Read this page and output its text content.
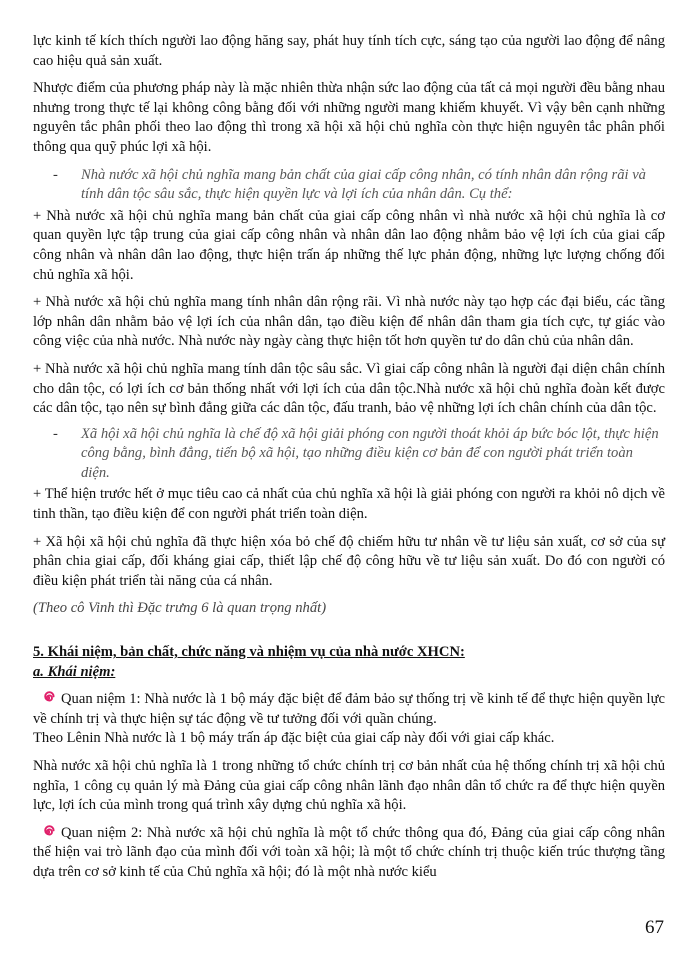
lực kinh tế kích thích người lao động hăng say, phát huy tính tích cực, sáng tạo của người lao động để nâng cao hiệu quả sản xuất.

Nhược điểm của phương pháp này là mặc nhiên thừa nhận sức lao động của tất cả mọi người đều bằng nhau nhưng trong thực tế lại không công bằng đối với những người mang khiếm khuyết. Vì vậy bên cạnh những nguyên tắc phân phối theo lao động thì trong xã hội xã hội chủ nghĩa còn thực hiện nguyên tắc phân phối thông qua quỹ phúc lợi xã hội.

-	Nhà nước xã hội chủ nghĩa mang bản chất của giai cấp công nhân, có tính nhân dân rộng rãi và tính dân tộc sâu sắc, thực hiện quyền lực và lợi ích của nhân dân. Cụ thể:

+ Nhà nước xã hội chủ nghĩa mang bản chất của giai cấp công nhân vì nhà nước xã hội chủ nghĩa là cơ quan quyền lực tập trung của giai cấp công nhân và nhân dân lao động nhằm bảo vệ lợi ích của giai cấp công nhân và nhân dân lao động, thực hiện trấn áp những thế lực phản động, những lực lượng chống đối chủ nghĩa xã hội.

+ Nhà nước xã hội chủ nghĩa mang tính nhân dân rộng rãi. Vì nhà nước này tạo hợp các đại biểu, các tầng lớp nhân dân nhằm bảo vệ lợi ích của nhân dân, tạo điều kiện để nhân dân tham gia tích cực, tự giác vào công việc của nhà nước. Nhà nước này ngày càng thực hiện tốt hơn quyền tư do dân chủ của nhân dân.

+ Nhà nước xã hội chủ nghĩa mang tính dân tộc sâu sắc. Vì giai cấp công nhân là người đại diện chân chính cho dân tộc, có lợi ích cơ bản thống nhất với lợi ích của dân tộc.Nhà nước xã hội chủ nghĩa đoàn kết được các dân tộc, tạo nên sự bình đẳng giữa các dân tộc, đấu tranh, bảo vệ những lợi ích chân chính của dân tộc.

-	Xã hội xã hội chủ nghĩa là chế độ xã hội giải phóng con người thoát khỏi áp bức bóc lột, thực hiện công bằng, bình đẳng, tiến bộ xã hội, tạo những điều kiện cơ bản để con người phát triển toàn diện.

+ Thể hiện trước hết ở mục tiêu cao cả nhất của chủ nghĩa xã hội là giải phóng con người ra khỏi nô dịch về tinh thần, tạo điều kiện để con người phát triển toàn diện.

+ Xã hội xã hội chủ nghĩa đã thực hiện xóa bỏ chế độ chiếm hữu tư nhân về tư liệu sản xuất, cơ sở của sự phân chia giai cấp, đối kháng giai cấp, thiết lập chế độ công hữu về tư liệu sản xuất. Do đó con người có điều kiện phát triển tài năng của cá nhân.

(Theo cô Vinh thì Đặc trưng 6 là quan trọng nhất)

5. Khái niệm, bản chất, chức năng và nhiệm vụ của nhà nước XHCN:

a. Khái niệm:

Quan niệm 1: Nhà nước là 1 bộ máy đặc biệt để đảm bảo sự thống trị về kinh tế để thực hiện quyền lực về chính trị và thực hiện sự tác động về tư tưởng đối với quần chúng.

Theo Lênin Nhà nước là 1 bộ máy trấn áp đặc biệt của giai cấp này đối với giai cấp khác.

Nhà nước xã hội chủ nghĩa là 1 trong những tổ chức chính trị cơ bản nhất của hệ thống chính trị xã hội chủ nghĩa, 1 công cụ quản lý mà Đảng của giai cấp công nhân lãnh đạo nhân dân tổ chức ra để thực hiện quyền lực, lợi ích của mình trong quá trình xây dựng chủ nghĩa xã hội.

Quan niệm 2: Nhà nước xã hội chủ nghĩa là một tổ chức thông qua đó, Đảng của giai cấp công nhân thể hiện vai trò lãnh đạo của mình đối với toàn xã hội; là một tổ chức chính trị thuộc kiến trúc thượng tầng dựa trên cơ sở kinh tế của Chủ nghĩa xã hội; đó là một nhà nước kiểu

67
